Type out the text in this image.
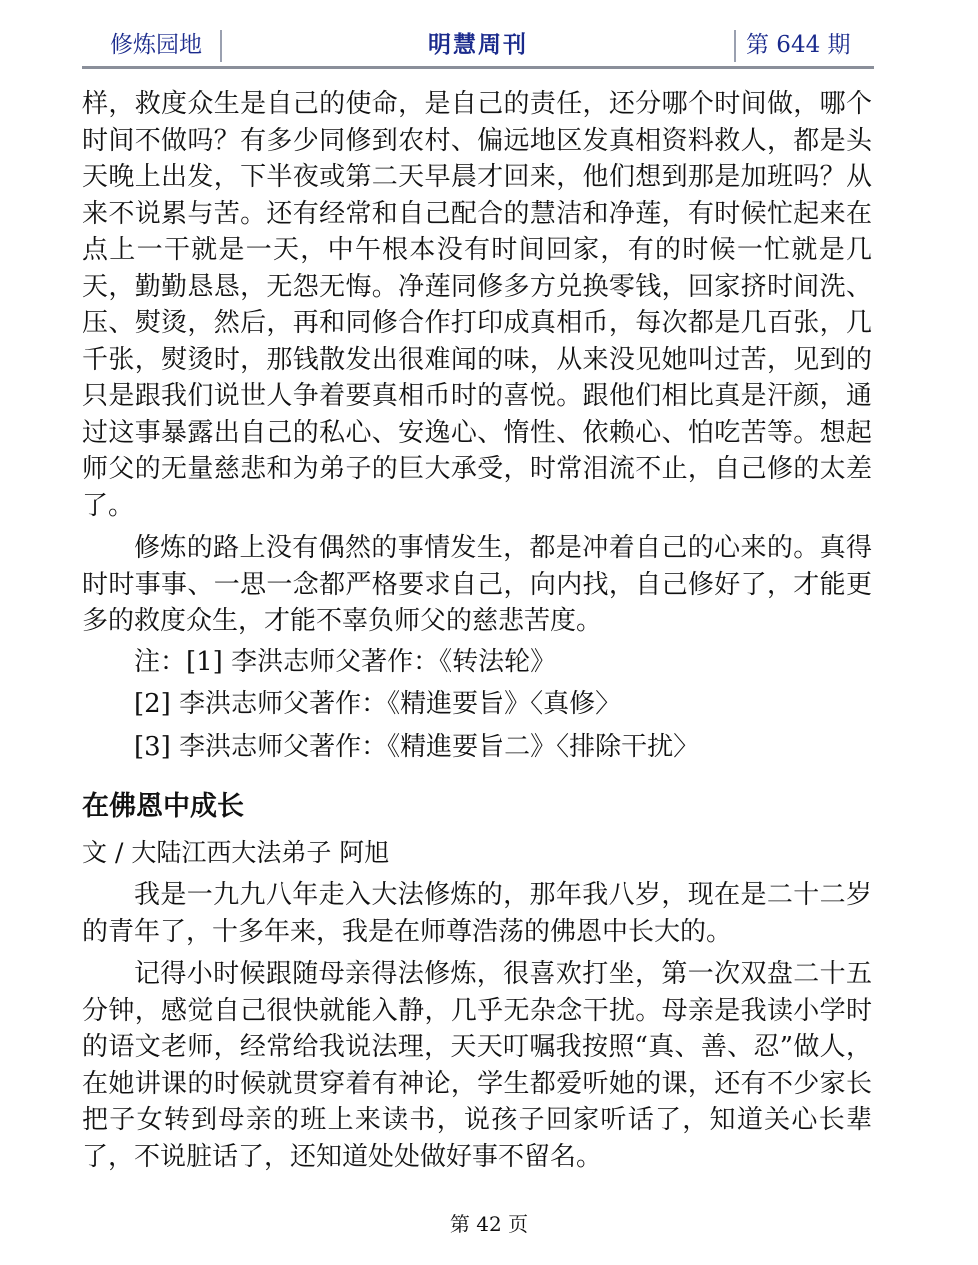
修炼园地	明慧周刊	第 644 期

样，救度众生是自己的使命，是自己的责任，还分哪个时间做，哪个时间不做吗？有多少同修到农村、偏远地区发真相资料救人，都是头天晚上出发，下半夜或第二天早晨才回来，他们想到那是加班吗？从来不说累与苦。还有经常和自己配合的慧洁和净莲，有时候忙起来在点上一干就是一天，中午根本没有时间回家，有的时候一忙就是几天，勤勤恳恳，无怨无悔。净莲同修多方兑换零钱，回家挤时间洗、压、熨烫，然后，再和同修合作打印成真相币，每次都是几百张，几千张，熨烫时，那钱散发出很难闻的味，从来没见她叫过苦，见到的只是跟我们说世人争着要真相币时的喜悦。跟他们相比真是汗颜，通过这事暴露出自己的私心、安逸心、惰性、依赖心、怕吃苦等。想起师父的无量慈悲和为弟子的巨大承受，时常泪流不止，自己修的太差了。

修炼的路上没有偶然的事情发生，都是冲着自己的心来的。真得时时事事、一思一念都严格要求自己，向内找，自己修好了，才能更多的救度众生，才能不辜负师父的慈悲苦度。

注：[1] 李洪志师父著作：《转法轮》

[2] 李洪志师父著作：《精進要旨》〈真修〉

[3] 李洪志师父著作：《精進要旨二》〈排除干扰〉

在佛恩中成长

文 / 大陆江西大法弟子 阿旭

我是一九九八年走入大法修炼的，那年我八岁，现在是二十二岁的青年了，十多年来，我是在师尊浩荡的佛恩中长大的。

记得小时候跟随母亲得法修炼，很喜欢打坐，第一次双盘二十五分钟，感觉自己很快就能入静，几乎无杂念干扰。母亲是我读小学时的语文老师，经常给我说法理，天天叮嘱我按照“真、善、忍”做人，在她讲课的时候就贯穿着有神论，学生都爱听她的课，还有不少家长把子女转到母亲的班上来读书，说孩子回家听话了，知道关心长辈了，不说脏话了，还知道处处做好事不留名。

第 42 页
